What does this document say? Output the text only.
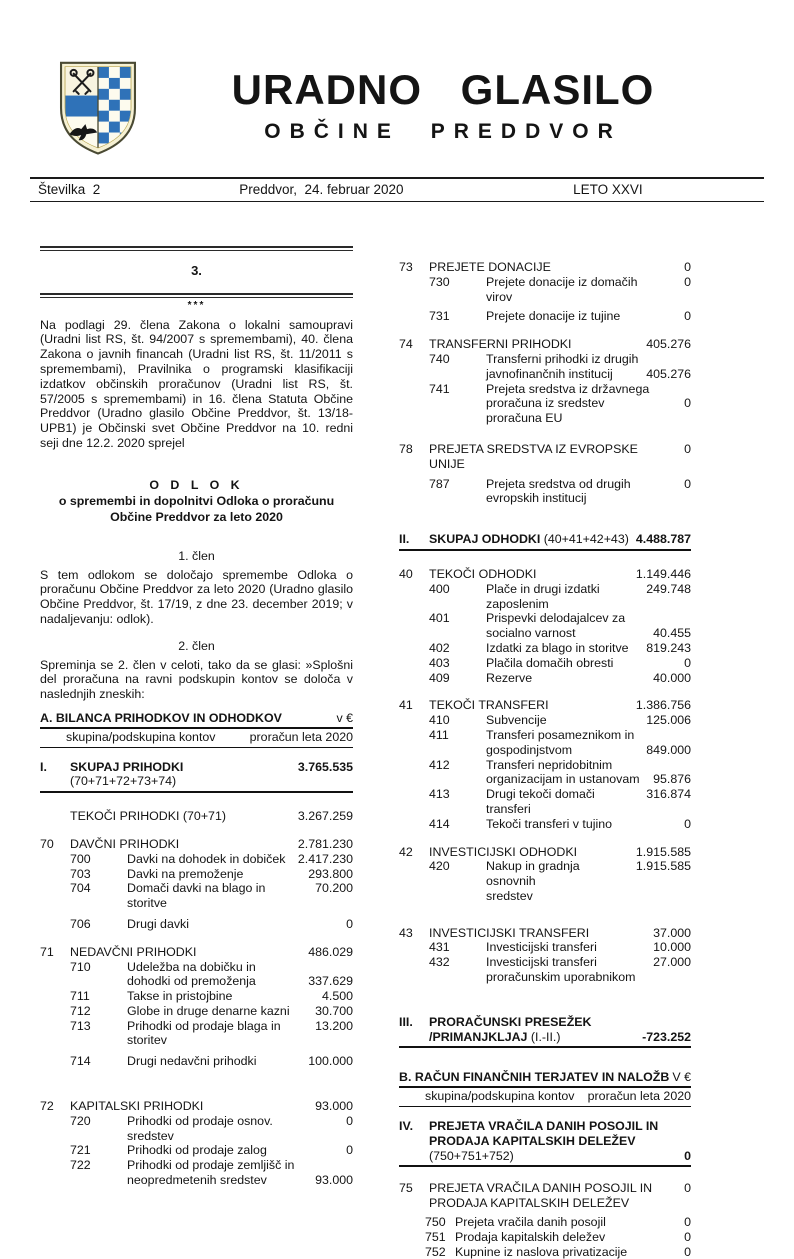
URADNO GLASILO
OBČINE PREDDVOR
Številka  2	Preddvor,  24. februar 2020	LETO XXVI
3.
***
Na podlagi 29. člena Zakona o lokalni samoupravi (Uradni list RS, št. 94/2007 s spremembami), 40. člena Zakona o javnih financah (Uradni list RS, št. 11/2011 s spremembami), Pravilnika o programski klasifikaciji izdatkov občinskih proračunov (Uradni list RS, št. 57/2005 s spremembami) in 16. člena Statuta Občine Preddvor (Uradno glasilo Občine Preddvor, št. 13/18-UPB1) je Občinski svet Občine Preddvor na 10. redni seji dne 12.2. 2020 sprejel
O D L O K
o spremembi in dopolnitvi Odloka o proračunu
Občine Preddvor za leto 2020
1. člen
S tem odlokom se določajo spremembe Odloka o proračunu Občine Preddvor za leto 2020 (Uradno glasilo Občine Preddvor, št. 17/19, z dne 23. december 2019; v nadaljevanju: odlok).
2. člen
Spreminja se 2. člen v celoti, tako da se glasi: »Splošni del proračuna na ravni podskupin kontov se določa v naslednjih zneskih:
A. BILANCA PRIHODKOV IN ODHODKOV	v €
skupina/podskupina kontov	proračun leta 2020
I.	SKUPAJ PRIHODKI (70+71+72+73+74)
3.765.535
TEKOČI PRIHODKI (70+71)	3.267.259
70	DAVČNI PRIHODKI	2.781.230
700	Davki na dohodek in dobiček	2.417.230
703	Davki na premoženje	293.800
704	Domači davki na blago in	70.200
storitve
706	Drugi davki	0
71	NEDAVČNI PRIHODKI	486.029
710	Udeležba na dobičku in
dohodki od premoženja	337.629
711	Takse in pristojbine	4.500
712	Globe in druge denarne kazni	30.700
713	Prihodki od prodaje blaga in	13.200
storitev
714	Drugi nedavčni prihodki	100.000
72	KAPITALSKI PRIHODKI	93.000
720	Prihodki od prodaje osnov.	0
sredstev
721	Prihodki od prodaje zalog	0
722	Prihodki od prodaje zemljišč in
neopredmetenih sredstev	93.000
73	PREJETE DONACIJE	0
730	Prejete donacije iz domačih	0
virov
731	Prejete donacije iz tujine	0
74	TRANSFERNI PRIHODKI	405.276
740	Transferni prihodki iz drugih
javnofinančnih institucij	405.276
741	Prejeta sredstva iz državnega
proračuna iz sredstev	0
proračuna EU
78	PREJETA SREDSTVA IZ EVROPSKE	0
UNIJE
787	Prejeta sredstva od drugih	0
evropskih institucij
II.	SKUPAJ ODHODKI (40+41+42+43) 4.488.787
40	TEKOČI ODHODKI	1.149.446
400	Plače in drugi izdatki	249.748
zaposlenim
401	Prispevki delodajalcev za
socialno varnost	40.455
402	Izdatki za blago in storitve	819.243
403	Plačila domačih obresti	0
409	Rezerve	40.000
41	TEKOČI TRANSFERI	1.386.756
410	Subvencije	125.006
411	Transferi posameznikom in
gospodinjstvom	849.000
412	Transferi nepridobitnim
organizacijam in ustanovam	95.876
413	Drugi tekoči domači transferi
316.874
414	Tekoči transferi v tujino	0
42	INVESTICIJSKI ODHODKI	1.915.585
420	Nakup in gradnja osnovnih
1.915.585
sredstev
43	INVESTICIJSKI TRANSFERI	37.000
431	Investicijski transferi	10.000
432	Investicijski transferi	27.000
proračunskim uporabnikom
III.	PRORAČUNSKI PRESEŽEK
/PRIMANJKLJAJ (I.-II.)	-723.252
B. RAČUN FINANČNIH TERJATEV IN NALOŽB V €
skupina/podskupina kontov proračun leta 2020
IV.	PREJETA VRAČILA DANIH POSOJIL IN
PRODAJA KAPITALSKIH DELEŽEV
(750+751+752)	0
75	PREJETA VRAČILA DANIH POSOJIL IN	0
PRODAJA KAPITALSKIH DELEŽEV
750 Prejeta vračila danih posojil	0
751 Prodaja kapitalskih deležev	0
752 Kupnine iz naslova privatizacije	0
